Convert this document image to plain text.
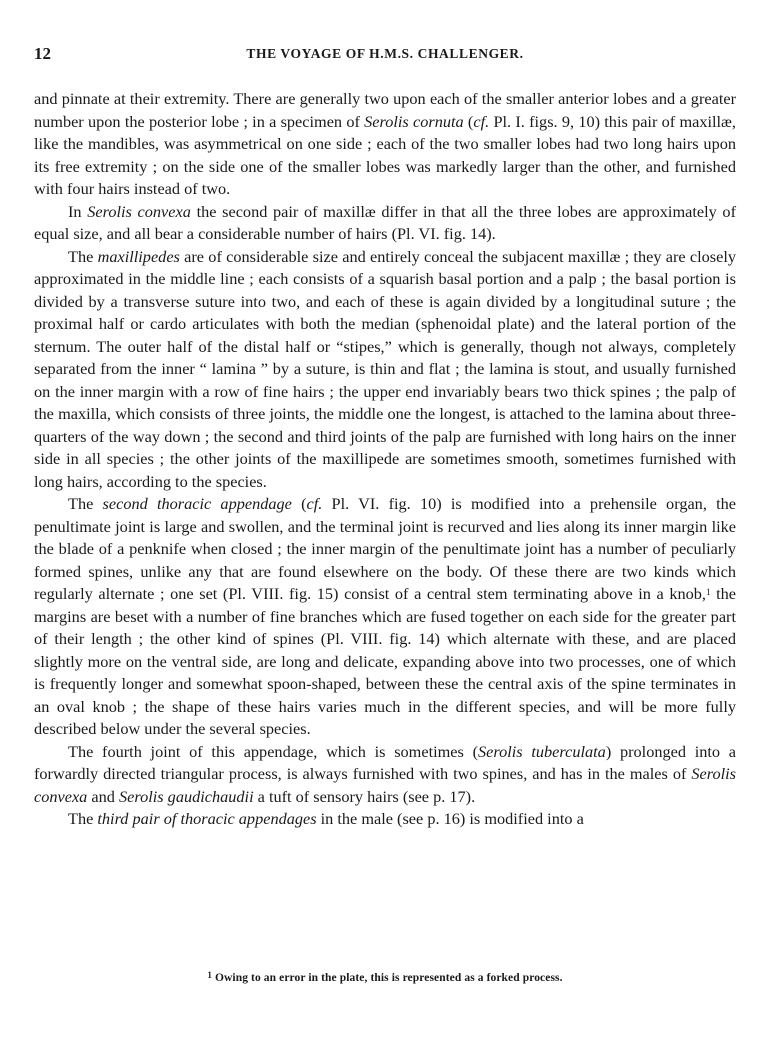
12	THE VOYAGE OF H.M.S. CHALLENGER.

and pinnate at their extremity. There are generally two upon each of the smaller anterior lobes and a greater number upon the posterior lobe ; in a specimen of Serolis cornuta (cf. Pl. I. figs. 9, 10) this pair of maxillæ, like the mandibles, was asymmetrical on one side ; each of the two smaller lobes had two long hairs upon its free extremity ; on the side one of the smaller lobes was markedly larger than the other, and furnished with four hairs instead of two.

In Serolis convexa the second pair of maxillæ differ in that all the three lobes are approximately of equal size, and all bear a considerable number of hairs (Pl. VI. fig. 14).

The maxillipedes are of considerable size and entirely conceal the subjacent maxillæ ; they are closely approximated in the middle line ; each consists of a squarish basal portion and a palp ; the basal portion is divided by a transverse suture into two, and each of these is again divided by a longitudinal suture ; the proximal half or cardo articulates with both the median (sphenoidal plate) and the lateral portion of the sternum. The outer half of the distal half or “stipes,” which is generally, though not always, completely separated from the inner “ lamina ” by a suture, is thin and flat ; the lamina is stout, and usually furnished on the inner margin with a row of fine hairs ; the upper end invariably bears two thick spines ; the palp of the maxilla, which consists of three joints, the middle one the longest, is attached to the lamina about three-quarters of the way down ; the second and third joints of the palp are furnished with long hairs on the inner side in all species ; the other joints of the maxillipede are sometimes smooth, sometimes furnished with long hairs, according to the species.

The second thoracic appendage (cf. Pl. VI. fig. 10) is modified into a prehensile organ, the penultimate joint is large and swollen, and the terminal joint is recurved and lies along its inner margin like the blade of a penknife when closed ; the inner margin of the penultimate joint has a number of peculiarly formed spines, unlike any that are found elsewhere on the body. Of these there are two kinds which regularly alternate ; one set (Pl. VIII. fig. 15) consist of a central stem terminating above in a knob,$^1$ the margins are beset with a number of fine branches which are fused together on each side for the greater part of their length ; the other kind of spines (Pl. VIII. fig. 14) which alternate with these, and are placed slightly more on the ventral side, are long and delicate, expanding above into two processes, one of which is frequently longer and somewhat spoon-shaped, between these the central axis of the spine terminates in an oval knob ; the shape of these hairs varies much in the different species, and will be more fully described below under the several species.

The fourth joint of this appendage, which is sometimes (Serolis tuberculata) prolonged into a forwardly directed triangular process, is always furnished with two spines, and has in the males of Serolis convexa and Serolis gaudichaudii a tuft of sensory hairs (see p. 17).

The third pair of thoracic appendages in the male (see p. 16) is modified into a

$^1$ Owing to an error in the plate, this is represented as a forked process.
